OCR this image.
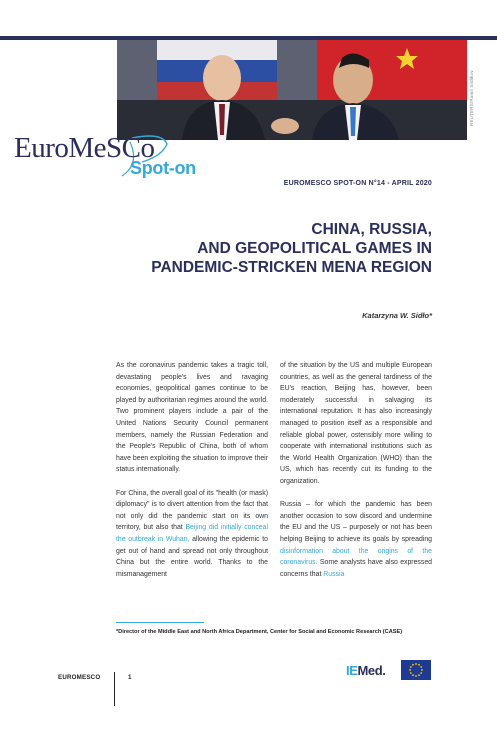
REUTERS/Ramil Sitdikov
EuroMeSCo
Spot-on
EUROMESCO SPOT-ON N°14 - APRIL 2020
CHINA, RUSSIA,
AND GEOPOLITICAL GAMES IN
PANDEMIC-STRICKEN MENA REGION
Katarzyna W. Sidło*

As the coronavirus pandemic takes a tragic toll, devastating people's lives and ravaging economies, geopolitical games continue to be played by authoritarian regimes around the world. Two prominent players include a pair of the United Nations Security Council permanent members, namely the Russian Federation and the People's Republic of China, both of whom have been exploiting the situation to improve their status internationally.

For China, the overall goal of its "health (or mask) diplomacy" is to divert attention from the fact that not only did the pandemic start on its own territory, but also that Beijing did initially conceal the outbreak in Wuhan, allowing the epidemic to get out of hand and spread not only throughout China but the entire world. Thanks to the mismanagement

of the situation by the US and multiple European countries, as well as the general tardiness of the EU's reaction, Beijing has, however, been moderately successful in salvaging its international reputation. It has also increasingly managed to position itself as a responsible and reliable global power, ostensibly more willing to cooperate with international institutions such as the World Health Organization (WHO) than the US, which has recently cut its funding to the organization.

Russia – for which the pandemic has been another occasion to sow discord and undermine the EU and the US – purposely or not has been helping Beijing to achieve its goals by spreading disinformation about the origins of the coronavirus. Some analysts have also expressed concerns that Russia

*Director of the Middle East and North Africa Department, Center for Social and Economic Research (CASE)
EUROMESCO	1	IEMed.
